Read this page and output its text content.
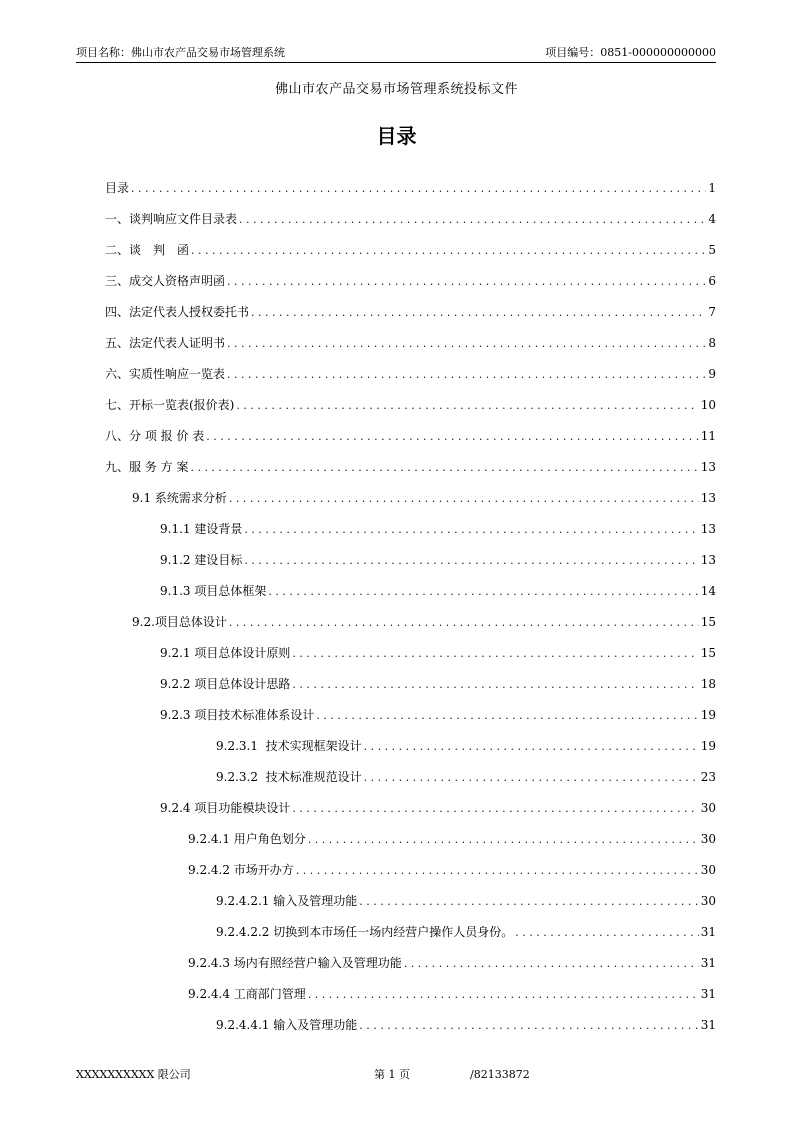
项目名称：佛山市农产品交易市场管理系统	项目编号：0851-000000000000
佛山市农产品交易市场管理系统投标文件
目录
目录 . . .	1
一、谈判响应文件目录表 . . .	4
二、谈　判　函 . . .	5
三、成交人资格声明函 . . .	6
四、法定代表人授权委托书 . . .	7
五、法定代表人证明书 . . .	8
六、实质性响应一览表 . . .	9
七、开标一览表(报价表) . . .	10
八、分 项 报 价 表 . . .	11
九、服 务 方 案 . . .	13
9.1 系统需求分析 . . .	13
9.1.1 建设背景 . . .	13
9.1.2 建设目标 . . .	13
9.1.3 项目总体框架 . . .	14
9.2.项目总体设计 . . .	15
9.2.1 项目总体设计原则 . . .	15
9.2.2 项目总体设计思路 . . .	18
9.2.3 项目技术标准体系设计 . . .	19
9.2.3.1  技术实现框架设计 . . .	19
9.2.3.2  技术标准规范设计 . . .	23
9.2.4 项目功能模块设计 . . .	30
9.2.4.1 用户角色划分 . . .	30
9.2.4.2 市场开办方 . . .	30
9.2.4.2.1 输入及管理功能 . . .	30
9.2.4.2.2 切换到本市场任一场内经营户操作人员身份。 . . .	31
9.2.4.3 场内有照经营户输入及管理功能 . . .	31
9.2.4.4 工商部门管理 . . .	31
9.2.4.4.1 输入及管理功能 . . .	31
XXXXXXXXXX 限公司	第 1 页	/82133872
